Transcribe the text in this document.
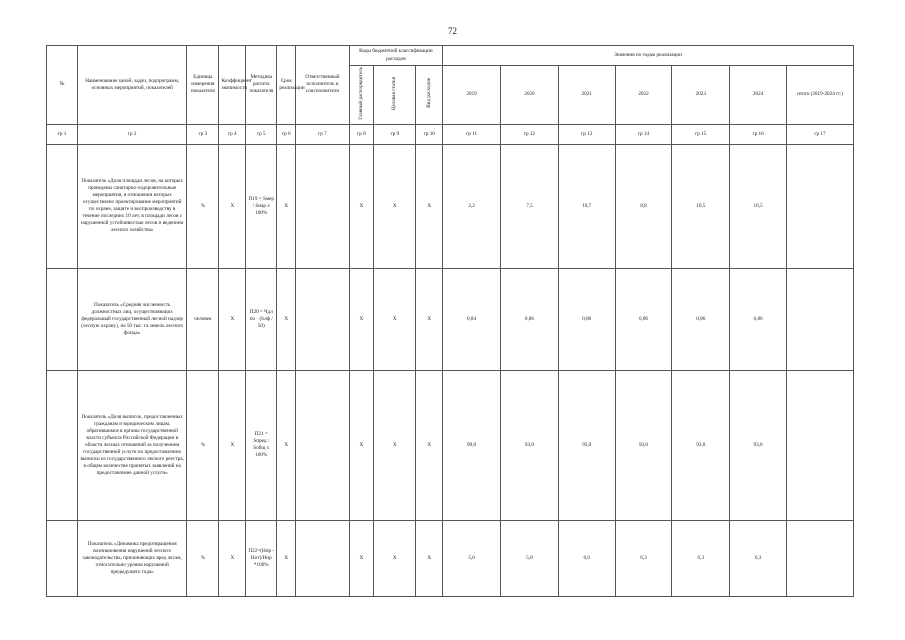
72
№	Наименование целей, задач, подпрограмм, основных мероприятий, показателей	Единица измерения показателя	Коэффициент значимости	Методика расчета показателя	Срок реализации	Ответственный исполнитель и соисполнители	Коды бюджетной классификации расходов			Значения по годам реализации						
							Главный распорядитель	Целевая статья	Вид расходов	2019	2020	2021	2022	2023	2024	итого (2019-2024 гг.)
гр 1	гр 2	гр 3	гр 4	гр 5	гр 6	гр 7	гр 8	гр 9	гр 10	гр 11	гр 12	гр 13	гр 14	гр 15	гр 16	гр 17
	Показатель «Доля площади лесов, на которых проведены санитарно-оздоровительные мероприятия, в отношении которых осуществлено проектирование мероприятий по охране, защите и воспроизводству в течение последних 10 лет, в площади лесов с нарушенной устойчивостью лесов и ведением лесного хозяйства»	%	X	П19 = Sмер / Sнар x 100%	X		X	X	X	2,2	7,5	10,7	8,8	10,5	10,5	
	Показатель «Средняя численность должностных лиц, осуществляющих федеральный государственный лесной надзор (лесную охрану), на 50 тыс. га земель лесного фонда»	человек	X	П20 = Чдл по · (Sлф / 50)	X		X	X	X	0,84	0,86	0,86	0,86	0,86	0,86	
	Показатель «Доля выписок, предоставленных гражданам и юридическим лицам, обратившимся в органы государственной власти субъекта Российской Федерации в области лесных отношений за получением государственной услуги по предоставлению выписки из государственного лесного реестра, в общем количестве принятых заявлений на предоставление данной услуги»	%	X	П21 = Sпред / Sобщ x 100%	X		X	X	X	90,0	93,0	93,0	93,0	93,0	93,0	
	Показатель «Динамика предотвращения возникновения нарушений лесного законодательства, причиняющих вред лесам, относительно уровня нарушений предыдущего года»	%	X	П22=(Нпр - Нот)/Нпр *100%	X		X	X	X	5,0	5,8	6,0	6,3	6,3	6,3	
